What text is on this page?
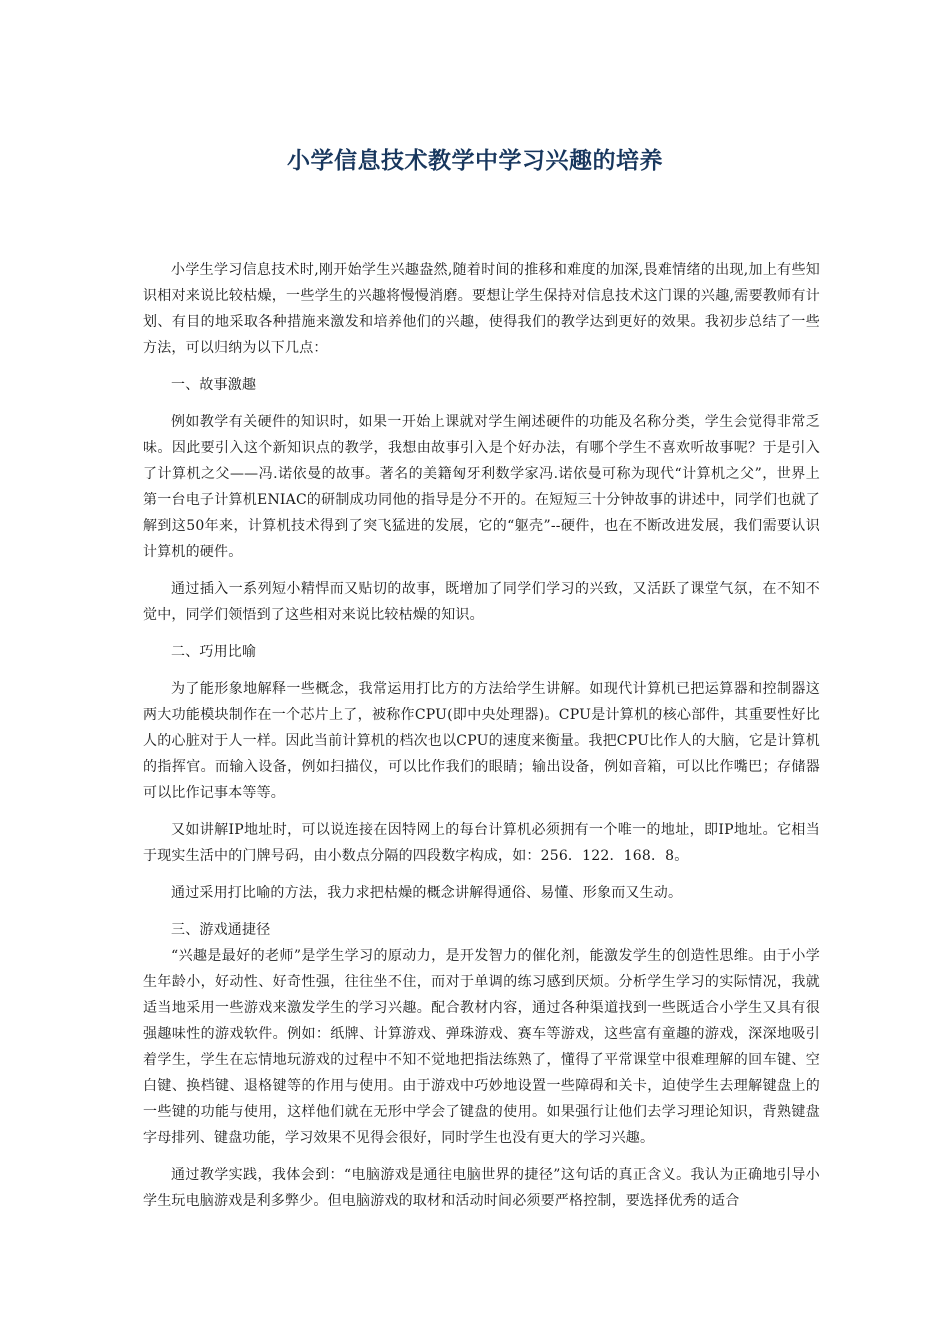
小学信息技术教学中学习兴趣的培养

小学生学习信息技术时,刚开始学生兴趣盎然,随着时间的推移和难度的加深,畏难情绪的出现,加上有些知识相对来说比较枯燥，一些学生的兴趣将慢慢消磨。要想让学生保持对信息技术这门课的兴趣,需要教师有计划、有目的地采取各种措施来激发和培养他们的兴趣，使得我们的教学达到更好的效果。我初步总结了一些方法，可以归纳为以下几点：

一、故事激趣

例如教学有关硬件的知识时，如果一开始上课就对学生阐述硬件的功能及名称分类，学生会觉得非常乏味。因此要引入这个新知识点的教学，我想由故事引入是个好办法，有哪个学生不喜欢听故事呢？于是引入了计算机之父——冯.诺依曼的故事。著名的美籍匈牙利数学家冯.诺依曼可称为现代“计算机之父”，世界上第一台电子计算机ENIAC的研制成功同他的指导是分不开的。在短短三十分钟故事的讲述中，同学们也就了解到这50年来，计算机技术得到了突飞猛进的发展，它的“躯壳”--硬件，也在不断改进发展，我们需要认识计算机的硬件。

通过插入一系列短小精悍而又贴切的故事，既增加了同学们学习的兴致，又活跃了课堂气氛，在不知不觉中，同学们领悟到了这些相对来说比较枯燥的知识。

二、巧用比喻

为了能形象地解释一些概念，我常运用打比方的方法给学生讲解。如现代计算机已把运算器和控制器这两大功能模块制作在一个芯片上了，被称作CPU(即中央处理器)。CPU是计算机的核心部件，其重要性好比人的心脏对于人一样。因此当前计算机的档次也以CPU的速度来衡量。我把CPU比作人的大脑，它是计算机的指挥官。而输入设备，例如扫描仪，可以比作我们的眼睛；输出设备，例如音箱，可以比作嘴巴；存储器可以比作记事本等等。

又如讲解IP地址时，可以说连接在因特网上的每台计算机必须拥有一个唯一的地址，即IP地址。它相当于现实生活中的门牌号码，由小数点分隔的四段数字构成，如：256．122．168．8。

通过采用打比喻的方法，我力求把枯燥的概念讲解得通俗、易懂、形象而又生动。

三、游戏通捷径

“兴趣是最好的老师”是学生学习的原动力，是开发智力的催化剂，能激发学生的创造性思维。由于小学生年龄小，好动性、好奇性强，往往坐不住，而对于单调的练习感到厌烦。分析学生学习的实际情况，我就适当地采用一些游戏来激发学生的学习兴趣。配合教材内容，通过各种渠道找到一些既适合小学生又具有很强趣味性的游戏软件。例如：纸牌、计算游戏、弹珠游戏、赛车等游戏，这些富有童趣的游戏，深深地吸引着学生，学生在忘情地玩游戏的过程中不知不觉地把指法练熟了，懂得了平常课堂中很难理解的回车键、空白键、换档键、退格键等的作用与使用。由于游戏中巧妙地设置一些障碍和关卡，迫使学生去理解键盘上的一些键的功能与使用，这样他们就在无形中学会了键盘的使用。如果强行让他们去学习理论知识，背熟键盘字母排列、键盘功能，学习效果不见得会很好，同时学生也没有更大的学习兴趣。

通过教学实践，我体会到：“电脑游戏是通往电脑世界的捷径”这句话的真正含义。我认为正确地引导小学生玩电脑游戏是利多弊少。但电脑游戏的取材和活动时间必须要严格控制，要选择优秀的适合
